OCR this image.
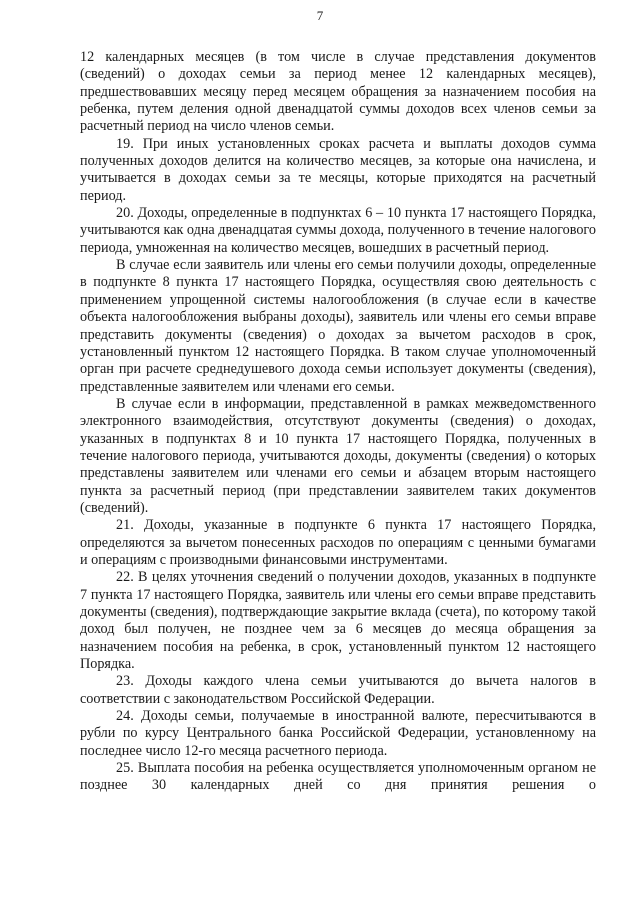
7

12 календарных месяцев (в том числе в случае представления документов (сведений) о доходах семьи за период менее 12 календарных месяцев), предшествовавших месяцу перед месяцем обращения за назначением пособия на ребенка, путем деления одной двенадцатой суммы доходов всех членов семьи за расчетный период на число членов семьи.

19. При иных установленных сроках расчета и выплаты доходов сумма полученных доходов делится на количество месяцев, за которые она начислена, и учитывается в доходах семьи за те месяцы, которые приходятся на расчетный период.

20. Доходы, определенные в подпунктах 6 – 10 пункта 17 настоящего Порядка, учитываются как одна двенадцатая суммы дохода, полученного в течение налогового периода, умноженная на количество месяцев, вошедших в расчетный период.

В случае если заявитель или члены его семьи получили доходы, определенные в подпункте 8 пункта 17 настоящего Порядка, осуществляя свою деятельность с применением упрощенной системы налогообложения (в случае если в качестве объекта налогообложения выбраны доходы), заявитель или члены его семьи вправе представить документы (сведения) о доходах за вычетом расходов в срок, установленный пунктом 12 настоящего Порядка. В таком случае уполномоченный орган при расчете среднедушевого дохода семьи использует документы (сведения), представленные заявителем или членами его семьи.

В случае если в информации, представленной в рамках межведомственного электронного взаимодействия, отсутствуют документы (сведения) о доходах, указанных в подпунктах 8 и 10 пункта 17 настоящего Порядка, полученных в течение налогового периода, учитываются доходы, документы (сведения) о которых представлены заявителем или членами его семьи и абзацем вторым настоящего пункта за расчетный период (при представлении заявителем таких документов (сведений).

21. Доходы, указанные в подпункте 6 пункта 17 настоящего Порядка, определяются за вычетом понесенных расходов по операциям с ценными бумагами и операциям с производными финансовыми инструментами.

22. В целях уточнения сведений о получении доходов, указанных в подпункте 7 пункта 17 настоящего Порядка, заявитель или члены его семьи вправе представить документы (сведения), подтверждающие закрытие вклада (счета), по которому такой доход был получен, не позднее чем за 6 месяцев до месяца обращения за назначением пособия на ребенка, в срок, установленный пунктом 12 настоящего Порядка.

23. Доходы каждого члена семьи учитываются до вычета налогов в соответствии с законодательством Российской Федерации.

24. Доходы семьи, получаемые в иностранной валюте, пересчитываются в рубли по курсу Центрального банка Российской Федерации, установленному на последнее число 12-го месяца расчетного периода.

25. Выплата пособия на ребенка осуществляется уполномоченным органом не позднее 30 календарных дней со дня принятия решения о
